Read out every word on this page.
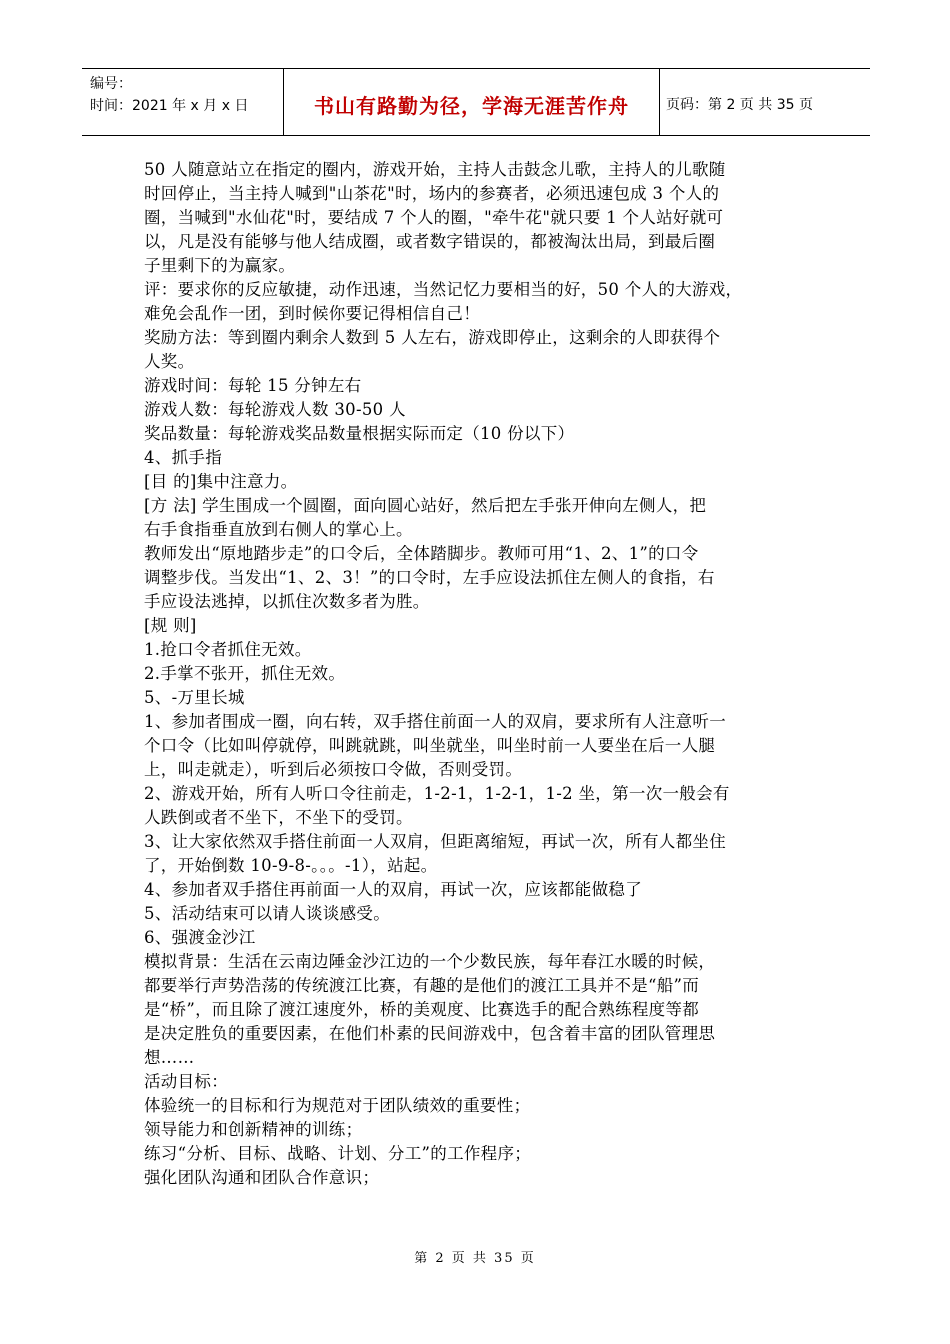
编号：
时间：2021 年 x 月 x 日	书山有路勤为径，学海无涯苦作舟	页码：第 2 页 共 35 页
50 人随意站立在指定的圈内，游戏开始，主持人击鼓念儿歌，主持人的儿歌随
时回停止，当主持人喊到"山茶花"时，场内的参赛者，必须迅速包成 3 个人的
圈，当喊到"水仙花"时，要结成 7 个人的圈，"牵牛花"就只要 1 个人站好就可
以，凡是没有能够与他人结成圈，或者数字错误的，都被淘汰出局，到最后圈
子里剩下的为赢家。
评：要求你的反应敏捷，动作迅速，当然记忆力要相当的好，50 个人的大游戏，
难免会乱作一团，到时候你要记得相信自己！
奖励方法：等到圈内剩余人数到 5 人左右，游戏即停止，这剩余的人即获得个
人奖。
游戏时间：每轮 15 分钟左右
游戏人数：每轮游戏人数 30-50 人
奖品数量：每轮游戏奖品数量根据实际而定（10 份以下）
4、抓手指
[目 的]集中注意力。
[方 法] 学生围成一个圆圈，面向圆心站好，然后把左手张开伸向左侧人，把
右手食指垂直放到右侧人的掌心上。
教师发出“原地踏步走”的口令后，全体踏脚步。教师可用“1、2、1”的口令
调整步伐。当发出“1、2、3！”的口令时，左手应设法抓住左侧人的食指，右
手应设法逃掉，以抓住次数多者为胜。
[规 则]
1.抢口令者抓住无效。
2.手掌不张开，抓住无效。
5、-万里长城
1、参加者围成一圈，向右转，双手搭住前面一人的双肩，要求所有人注意听一
个口令（比如叫停就停，叫跳就跳，叫坐就坐，叫坐时前一人要坐在后一人腿
上，叫走就走），听到后必须按口令做，否则受罚。
2、游戏开始，所有人听口令往前走，1-2-1，1-2-1，1-2 坐，第一次一般会有
人跌倒或者不坐下，不坐下的受罚。
3、让大家依然双手搭住前面一人双肩，但距离缩短，再试一次，所有人都坐住
了，开始倒数 10-9-8-。。。-1），站起。
4、参加者双手搭住再前面一人的双肩，再试一次，应该都能做稳了
5、活动结束可以请人谈谈感受。
6、强渡金沙江
模拟背景：生活在云南边陲金沙江边的一个少数民族，每年春江水暖的时候，
都要举行声势浩荡的传统渡江比赛，有趣的是他们的渡江工具并不是“船”而
是“桥”，而且除了渡江速度外，桥的美观度、比赛选手的配合熟练程度等都
是决定胜负的重要因素，在他们朴素的民间游戏中，包含着丰富的团队管理思
想……
活动目标：
体验统一的目标和行为规范对于团队绩效的重要性；
领导能力和创新精神的训练；
练习“分析、目标、战略、计划、分工”的工作程序；
强化团队沟通和团队合作意识；
第 2 页 共 35 页
